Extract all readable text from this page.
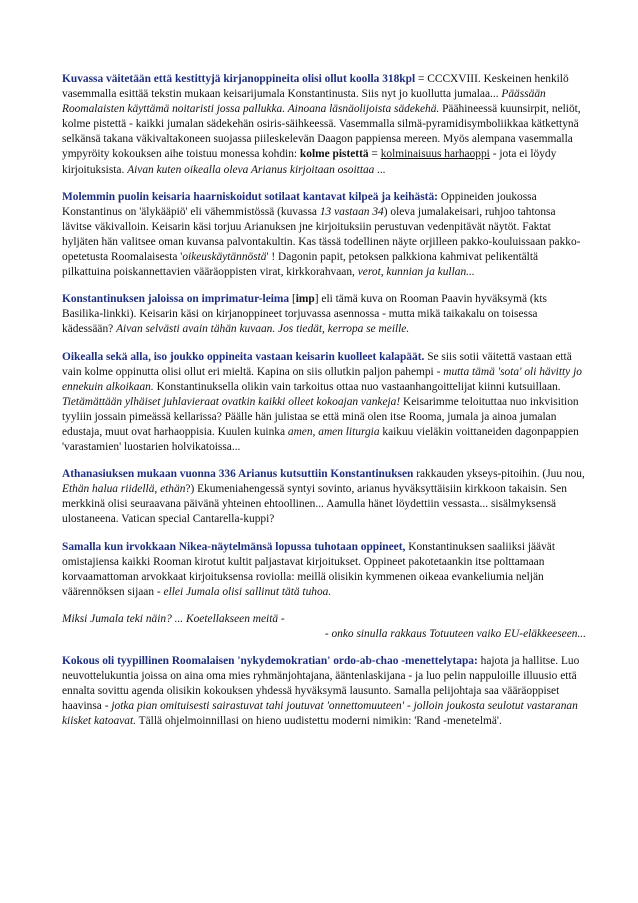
Kuvassa väitetään että kestittyjä kirjanoppineita olisi ollut koolla 318kpl = CCCXVIII. Keskeinen henkilö vasemmalla esittää tekstin mukaan keisarijumala Konstantinusta. Siis nyt jo kuollutta jumalaa... Päässään Roomalaisten käyttämä noitaristi jossa pallukka. Ainoana läsnäolijoista sädekehä. Päähineessä kuunsirpit, neliöt, kolme pistettä - kaikki jumalan sädekehän osiris-säihkeessä. Vasemmalla silmä-pyramidisymboliikkaa kätkettynä selkänsä takana väkivaltakoneen suojassa piileskelevän Daagon pappiensa mereen. Myös alempana vasemmalla ympyröity kokouksen aihe toistuu monessa kohdin: kolme pistettä = kolminaisuus harhaoppi - jota ei löydy kirjoituksista. Aivan kuten oikealla oleva Arianus kirjoitaan osoittaa ...

Molemmin puolin keisaria haarniskoidut sotilaat kantavat kilpeä ja keihästä: Oppineiden joukossa Konstantinus on 'älykääpiö' eli vähemmistössä (kuvassa 13 vastaan 34) oleva jumalakeisari, ruhjoo tahtonsa lävitse väkivalloin. Keisarin käsi torjuu Arianuksen jne kirjoituksiin perustuvan vedenpitävät näytöt. Faktat hyljäten hän valitsee oman kuvansa palvontakultin. Kas tässä todellinen näyte orjilleen pakko-kouluissaan pakko-opetetusta Roomalaisesta 'oikeuskäytännöstä' ! Dagonin papit, petoksen palkkiona kahmivat pelikentältä pilkattuina poiskannettavien vääräoppisten virat, kirkkorahvaan, verot, kunnian ja kullan...

Konstantinuksen jaloissa on imprimatur-leima [imp] eli tämä kuva on Rooman Paavin hyväksymä (kts Basilika-linkki). Keisarin käsi on kirjanoppineet torjuvassa asennossa - mutta mikä taikakalu on toisessa kädessään? Aivan selvästi avain tähän kuvaan. Jos tiedät, kerropa se meille.

Oikealla sekä alla, iso joukko oppineita vastaan keisarin kuolleet kalapäät. Se siis sotii väitettä vastaan että vain kolme oppinutta olisi ollut eri mieltä. Kapina on siis ollutkin paljon pahempi - mutta tämä 'sota' oli hävitty jo ennekuin alkoikaan. Konstantinuksella olikin vain tarkoitus ottaa nuo vastaanhangoittelijat kiinni kutsuillaan. Tietämättään ylhäiset juhlavieraat ovatkin kaikki olleet kokoajan vankeja! Keisarimme teloituttaa nuo inkvisition tyyliin jossain pimeässä kellarissa? Päälle hän julistaa se että minä olen itse Rooma, jumala ja ainoa jumalan edustaja, muut ovat harhaoppisia. Kuulen kuinka amen, amen liturgia kaikuu vieläkin voittaneiden dagonpappien 'varastamien' luostarien holvikatoissa...

Athanasiuksen mukaan vuonna 336 Arianus kutsuttiin Konstantinuksen rakkauden ykseys-pitoihin. (Juu nou, Ethän halua riidellä, ethän?) Ekumeniahengessä syntyi sovinto, arianus hyväksyttäisiin kirkkoon takaisin. Sen merkkinä olisi seuraavana päivänä yhteinen ehtoollinen... Aamulla hänet löydettiin vessasta... sisälmyksensä ulostaneena. Vatican special Cantarella-kuppi?

Samalla kun irvokkaan Nikea-näytelmänsä lopussa tuhotaan oppineet, Konstantinuksen saaliiksi jäävät omistajiensa kaikki Rooman kirotut kultit paljastavat kirjoitukset. Oppineet pakotetaankin itse polttamaan korvaamattoman arvokkaat kirjoituksensa roviolla: meillä olisikin kymmenen oikeaa evankeliumia neljän väärennöksen sijaan - ellei Jumala olisi sallinut tätä tuhoa.

Miksi Jumala teki näin? ... Koetellakseen meitä -

- onko sinulla rakkaus Totuuteen vaiko EU-eläkkeeseen...

Kokous oli tyypillinen Roomalaisen 'nykydemokratian' ordo-ab-chao -menettelytapa: hajota ja hallitse. Luo neuvottelukuntia joissa on aina oma mies ryhmänjohtajana, ääntenlaskijana - ja luo pelin nappuloille illuusio että ennalta sovittu agenda olisikin kokouksen yhdessä hyväksymä lausunto. Samalla pelijohtaja saa vääräoppiset haavinsa - jotka pian omituisesti sairastuvat tahi joutuvat 'onnettomuuteen' - jolloin joukosta seulotut vastaranan kiisket katoavat. Tällä ohjelmoinnillasi on hieno uudistettu moderni nimikin: 'Rand -menetelmä'.
